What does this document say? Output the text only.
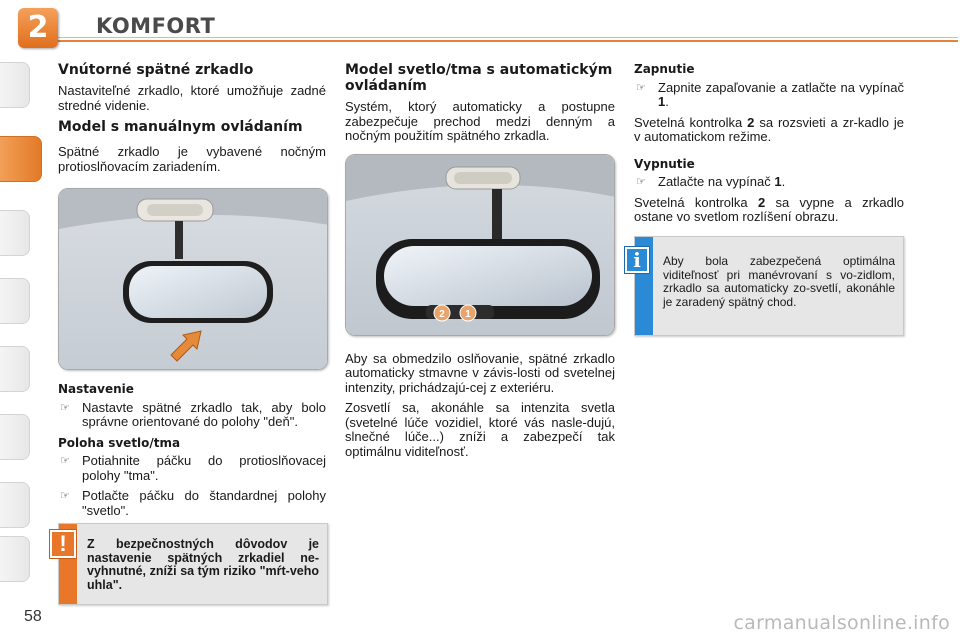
2	KOMFORT
Vnútorné spätné zrkadlo

Nastaviteľné zrkadlo, ktoré umožňuje zadné stredné videnie.

Model s manuálnym ovládaním

Spätné zrkadlo je vybavené nočným protioslňovacím zariadením.

Nastavenie
☞ Nastavte spätné zrkadlo tak, aby bolo správne orientované do polohy "deň".
Poloha svetlo/tma
☞ Potiahnite páčku do protioslňovacej polohy "tma".
☞ Potlačte páčku do štandardnej polohy "svetlo".
Z bezpečnostných dôvodov je nastavenie spätných zrkadiel ne-vyhnutné, zníži sa tým riziko "mŕt-veho uhla".
!
Model svetlo/tma s automatickým ovládaním

Systém, ktorý automaticky a postupne zabezpečuje prechod medzi denným a nočným použitím spätného zrkadla.

2 1

Aby sa obmedzilo oslňovanie, spätné zrkadlo automaticky stmavne v závis-losti od svetelnej intenzity, prichádzajú-cej z exteriéru.

Zosvetlí sa, akonáhle sa intenzita svetla (svetelné lúče vozidiel, ktoré vás nasle-dujú, slnečné lúče...) zníži a zabezpečí tak optimálnu viditeľnosť.

Zapnutie
☞ Zapnite zapaľovanie a zatlačte na vypínač 1.

Svetelná kontrolka 2 sa rozsvieti a zr-kadlo je v automatickom režime.

Vypnutie
☞ Zatlačte na vypínač 1.

Svetelná kontrolka 2 sa vypne a zrkadlo ostane vo svetlom rozlíšení obrazu.

Aby bola zabezpečená optimálna viditeľnosť pri manévrovaní s vo-zidlom, zrkadlo sa automaticky zo-svetlí, akonáhle je zaradený spätný chod.
i
58	carmanualsonline.info
